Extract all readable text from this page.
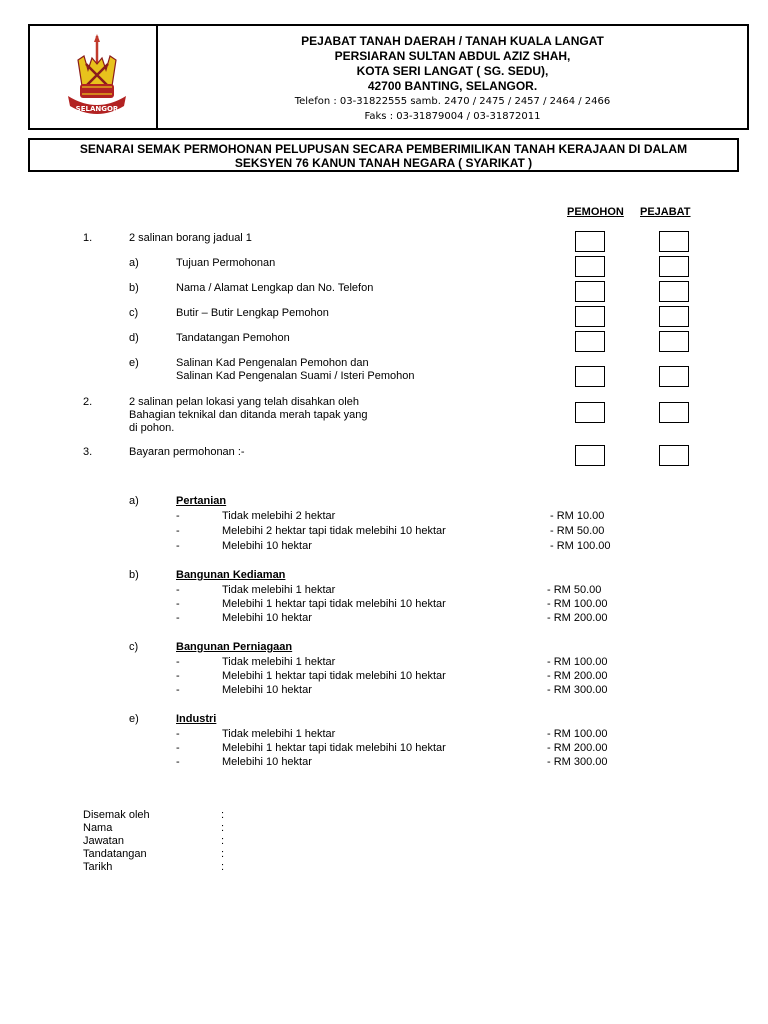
SELANGOR
PEJABAT TANAH DAERAH / TANAH KUALA LANGAT
PERSIARAN SULTAN ABDUL AZIZ SHAH,
KOTA SERI LANGAT ( SG. SEDU),
42700 BANTING, SELANGOR.
Telefon : 03-31822555 samb. 2470 / 2475 / 2457 / 2464 / 2466
Faks : 03-31879004 / 03-31872011
SENARAI SEMAK PERMOHONAN PELUPUSAN SECARA PEMBERIMILIKAN TANAH KERAJAAN DI DALAM
SEKSYEN 76 KANUN TANAH NEGARA ( SYARIKAT )
PEMOHON PEJABAT
1.	2 salinan borang jadual 1
a)	Tujuan Permohonan
b)	Nama / Alamat Lengkap dan No. Telefon
c)	Butir – Butir Lengkap Pemohon
d)	Tandatangan Pemohon
e)	Salinan Kad Pengenalan Pemohon dan
Salinan Kad Pengenalan Suami / Isteri Pemohon
2.	2 salinan pelan lokasi yang telah disahkan oleh
Bahagian teknikal dan ditanda merah tapak yang
di pohon.
3.	Bayaran permohonan :-
a)	Pertanian
-	Tidak melebihi 2 hektar	- RM 10.00
-	Melebihi 2 hektar tapi tidak melebihi 10 hektar	- RM 50.00
-	Melebihi 10 hektar	- RM 100.00
b)	Bangunan Kediaman
-	Tidak melebihi 1 hektar	- RM 50.00
-	Melebihi 1 hektar tapi tidak melebihi 10 hektar	- RM 100.00
-	Melebihi 10 hektar	- RM 200.00
c)	Bangunan Perniagaan
-	Tidak melebihi 1 hektar	- RM 100.00
-	Melebihi 1 hektar tapi tidak melebihi 10 hektar	- RM 200.00
-	Melebihi 10 hektar	- RM 300.00
e)	Industri
-	Tidak melebihi 1 hektar	- RM 100.00
-	Melebihi 1 hektar tapi tidak melebihi 10 hektar	- RM 200.00
-	Melebihi 10 hektar	- RM 300.00
Disemak oleh	:
Nama	:
Jawatan	:
Tandatangan	:
Tarikh	:
